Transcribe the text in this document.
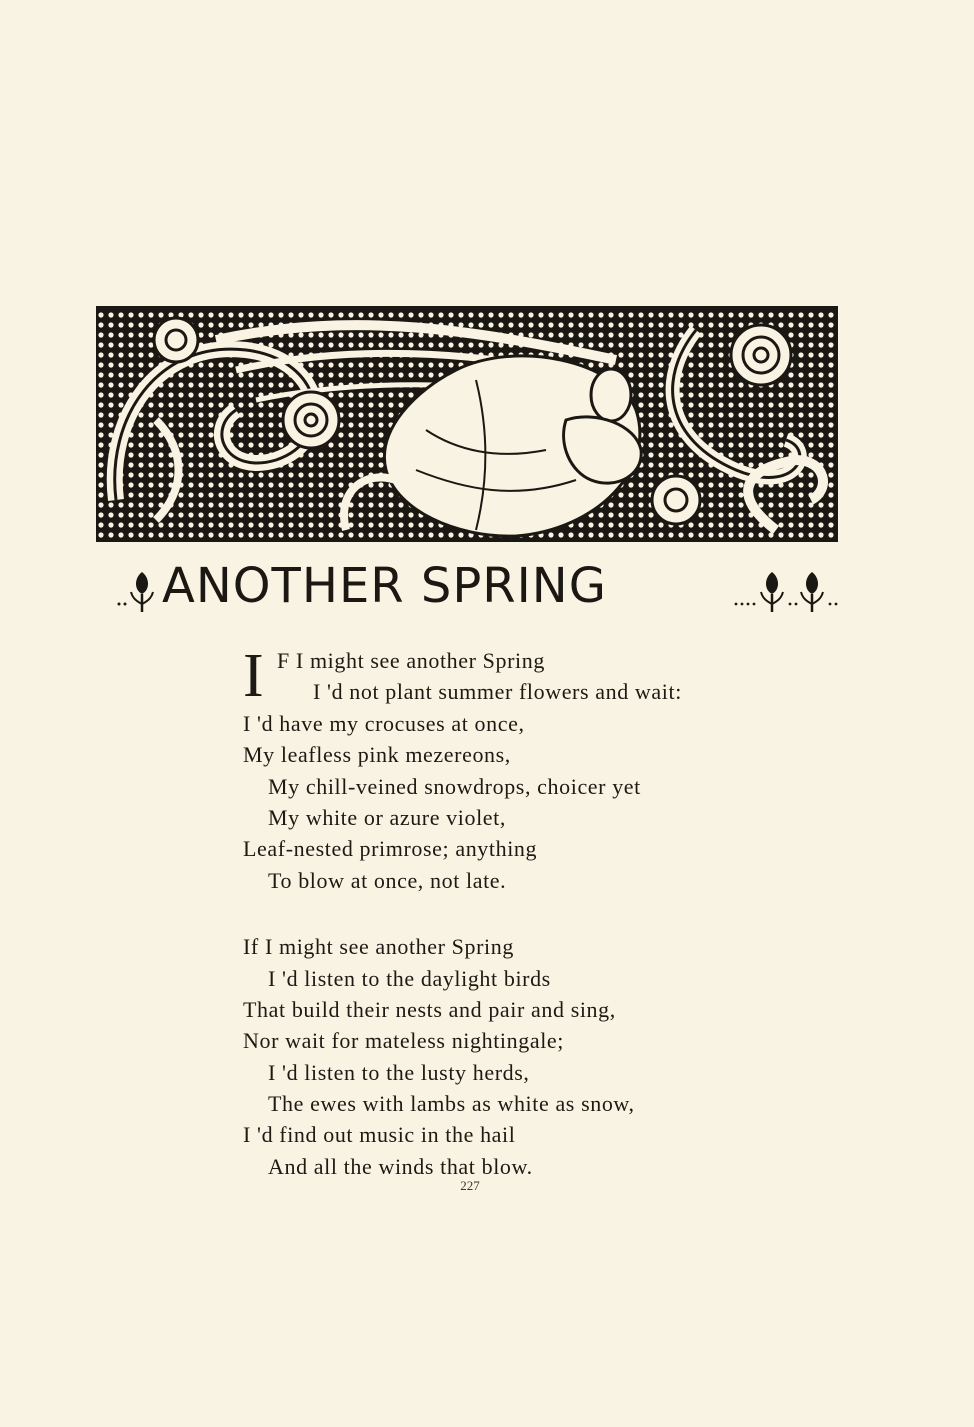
ANOTHER SPRING
I F I might see another Spring
I 'd not plant summer flowers and wait:
I 'd have my crocuses at once,
My leafless pink mezereons,
My chill-veined snowdrops, choicer yet
My white or azure violet,
Leaf-nested primrose; anything
To blow at once, not late.
If I might see another Spring
I 'd listen to the daylight birds
That build their nests and pair and sing,
Nor wait for mateless nightingale;
I 'd listen to the lusty herds,
The ewes with lambs as white as snow,
I 'd find out music in the hail
And all the winds that blow.
227
